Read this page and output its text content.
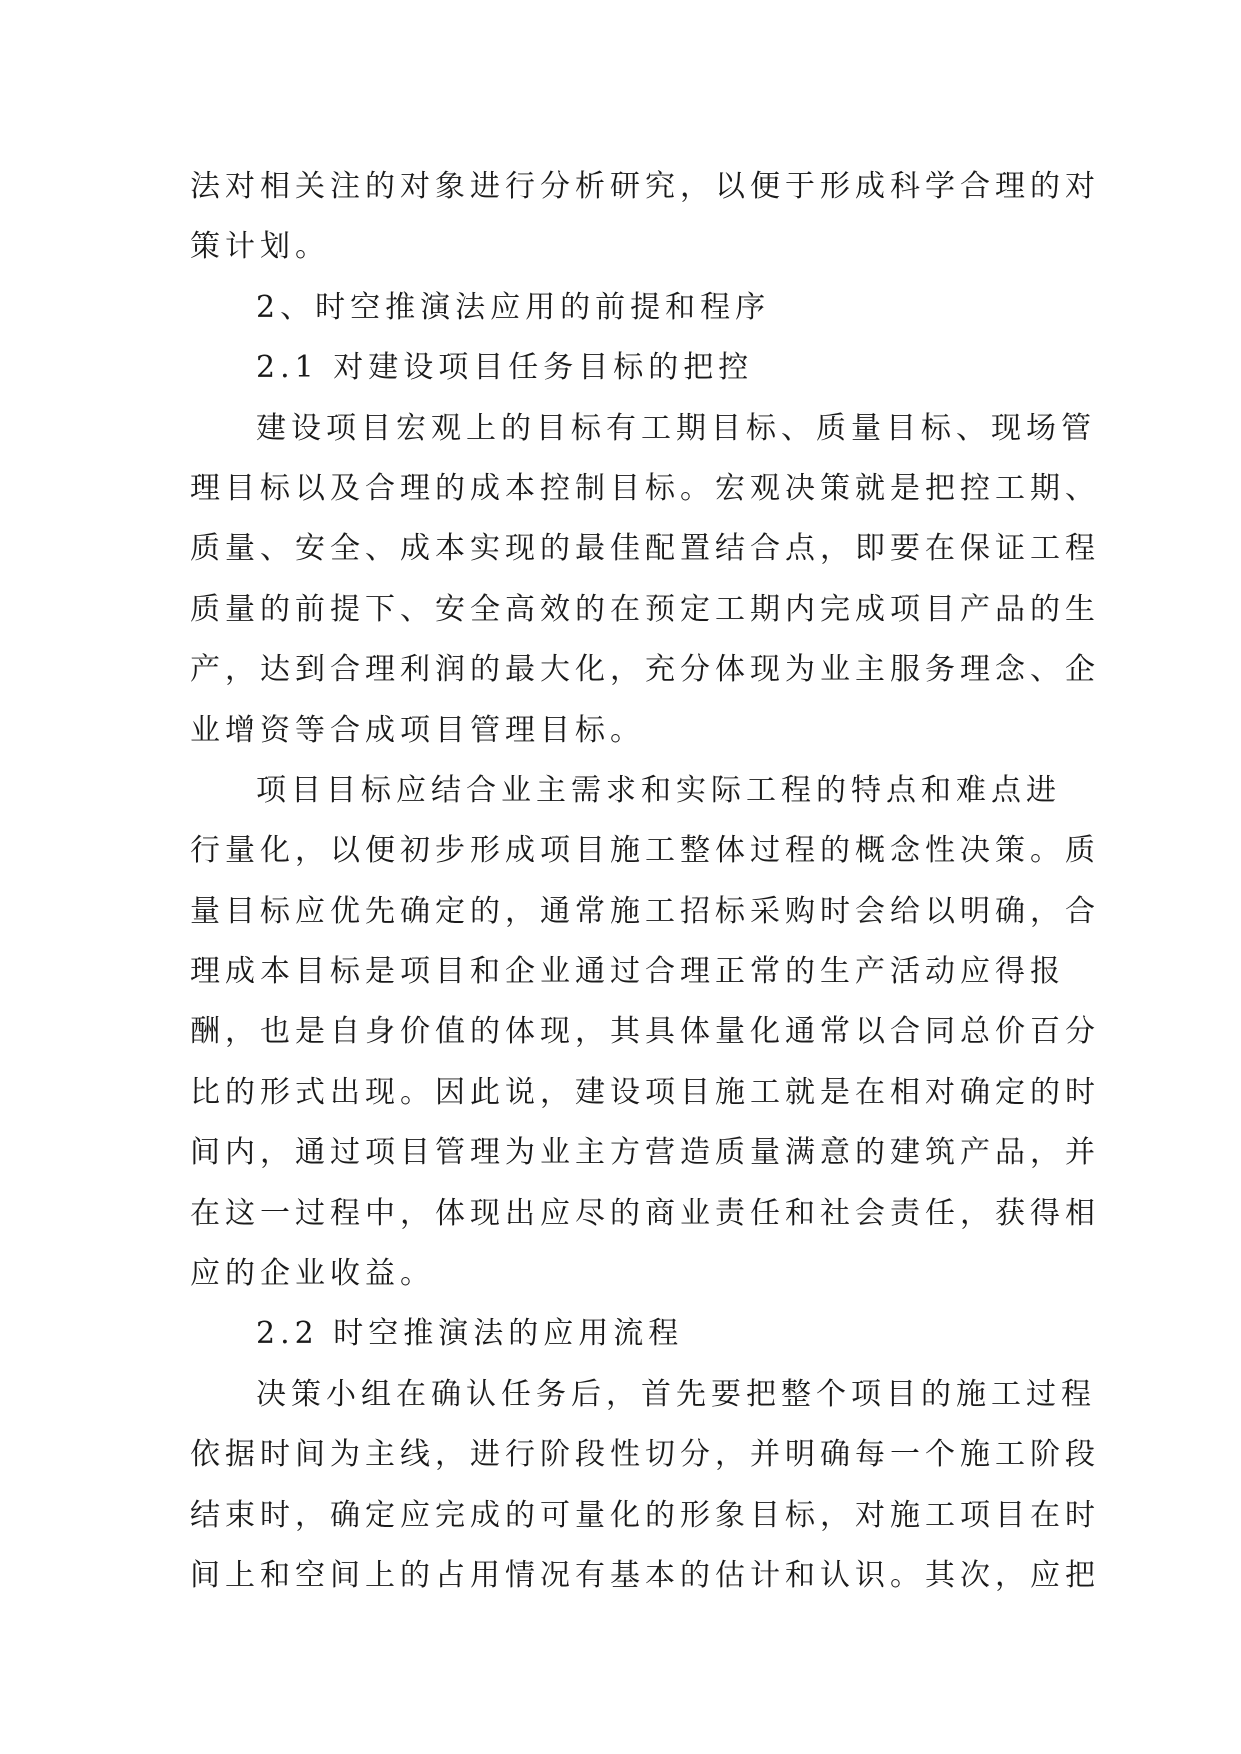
法对相关注的对象进行分析研究，以便于形成科学合理的对
策计划。
2、时空推演法应用的前提和程序
2.1 对建设项目任务目标的把控
建设项目宏观上的目标有工期目标、质量目标、现场管
理目标以及合理的成本控制目标。宏观决策就是把控工期、
质量、安全、成本实现的最佳配置结合点，即要在保证工程
质量的前提下、安全高效的在预定工期内完成项目产品的生
产，达到合理利润的最大化，充分体现为业主服务理念、企
业增资等合成项目管理目标。
项目目标应结合业主需求和实际工程的特点和难点进
行量化，以便初步形成项目施工整体过程的概念性决策。质
量目标应优先确定的，通常施工招标采购时会给以明确，合
理成本目标是项目和企业通过合理正常的生产活动应得报
酬，也是自身价值的体现，其具体量化通常以合同总价百分
比的形式出现。因此说，建设项目施工就是在相对确定的时
间内，通过项目管理为业主方营造质量满意的建筑产品，并
在这一过程中，体现出应尽的商业责任和社会责任，获得相
应的企业收益。
2.2 时空推演法的应用流程
决策小组在确认任务后，首先要把整个项目的施工过程
依据时间为主线，进行阶段性切分，并明确每一个施工阶段
结束时，确定应完成的可量化的形象目标，对施工项目在时
间上和空间上的占用情况有基本的估计和认识。其次，应把
